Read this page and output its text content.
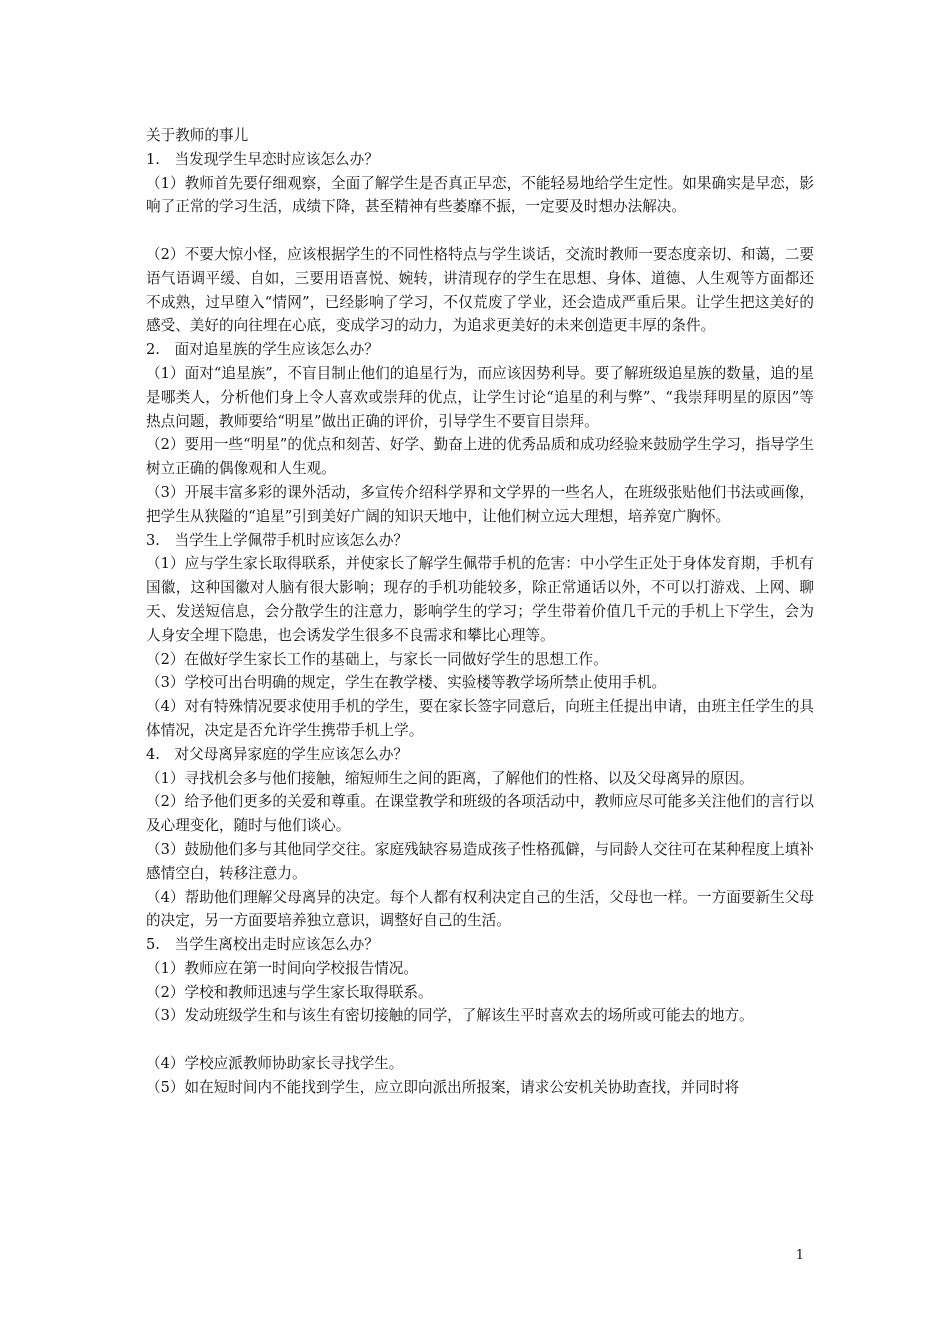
关于教师的事儿

1.　当发现学生早恋时应该怎么办？

（1）教师首先要仔细观察，全面了解学生是否真正早恋，不能轻易地给学生定性。如果确实是早恋，影响了正常的学习生活，成绩下降，甚至精神有些萎靡不振，一定要及时想办法解决。

（2）不要大惊小怪，应该根据学生的不同性格特点与学生谈话，交流时教师一要态度亲切、和蔼，二要语气语调平缓、自如，三要用语喜悦、婉转，讲清现存的学生在思想、身体、道德、人生观等方面都还不成熟，过早堕入“情网”，已经影响了学习，不仅荒废了学业，还会造成严重后果。让学生把这美好的感受、美好的向往埋在心底，变成学习的动力，为追求更美好的未来创造更丰厚的条件。

2.　面对追星族的学生应该怎么办？

（1）面对“追星族”，不盲目制止他们的追星行为，而应该因势利导。要了解班级追星族的数量，追的星是哪类人，分析他们身上令人喜欢或崇拜的优点，让学生讨论“追星的利与弊”、“我崇拜明星的原因”等热点问题，教师要给“明星”做出正确的评价，引导学生不要盲目崇拜。

（2）要用一些“明星”的优点和刻苦、好学、勤奋上进的优秀品质和成功经验来鼓励学生学习，指导学生树立正确的偶像观和人生观。

（3）开展丰富多彩的课外活动，多宣传介绍科学界和文学界的一些名人，在班级张贴他们书法或画像，把学生从狭隘的“追星”引到美好广阔的知识天地中，让他们树立远大理想，培养宽广胸怀。

3.　当学生上学佩带手机时应该怎么办？

（1）应与学生家长取得联系，并使家长了解学生佩带手机的危害：中小学生正处于身体发育期，手机有国徽，这种国徽对人脑有很大影响；现存的手机功能较多，除正常通话以外，不可以打游戏、上网、聊天、发送短信息，会分散学生的注意力，影响学生的学习；学生带着价值几千元的手机上下学生，会为人身安全埋下隐患，也会诱发学生很多不良需求和攀比心理等。

（2）在做好学生家长工作的基础上，与家长一同做好学生的思想工作。

（3）学校可出台明确的规定，学生在教学楼、实验楼等教学场所禁止使用手机。

（4）对有特殊情况要求使用手机的学生，要在家长签字同意后，向班主任提出申请，由班主任学生的具体情况，决定是否允许学生携带手机上学。

4.　对父母离异家庭的学生应该怎么办？

（1）寻找机会多与他们接触，缩短师生之间的距离，了解他们的性格、以及父母离异的原因。

（2）给予他们更多的关爱和尊重。在课堂教学和班级的各项活动中，教师应尽可能多关注他们的言行以及心理变化，随时与他们谈心。

（3）鼓励他们多与其他同学交往。家庭残缺容易造成孩子性格孤僻，与同龄人交往可在某种程度上填补感情空白，转移注意力。

（4）帮助他们理解父母离异的决定。每个人都有权利决定自己的生活，父母也一样。一方面要新生父母的决定，另一方面要培养独立意识，调整好自己的生活。

5.　当学生离校出走时应该怎么办？

（1）教师应在第一时间向学校报告情况。

（2）学校和教师迅速与学生家长取得联系。

（3）发动班级学生和与该生有密切接触的同学，了解该生平时喜欢去的场所或可能去的地方。

（4）学校应派教师协助家长寻找学生。

（5）如在短时间内不能找到学生，应立即向派出所报案，请求公安机关协助查找，并同时将

1
